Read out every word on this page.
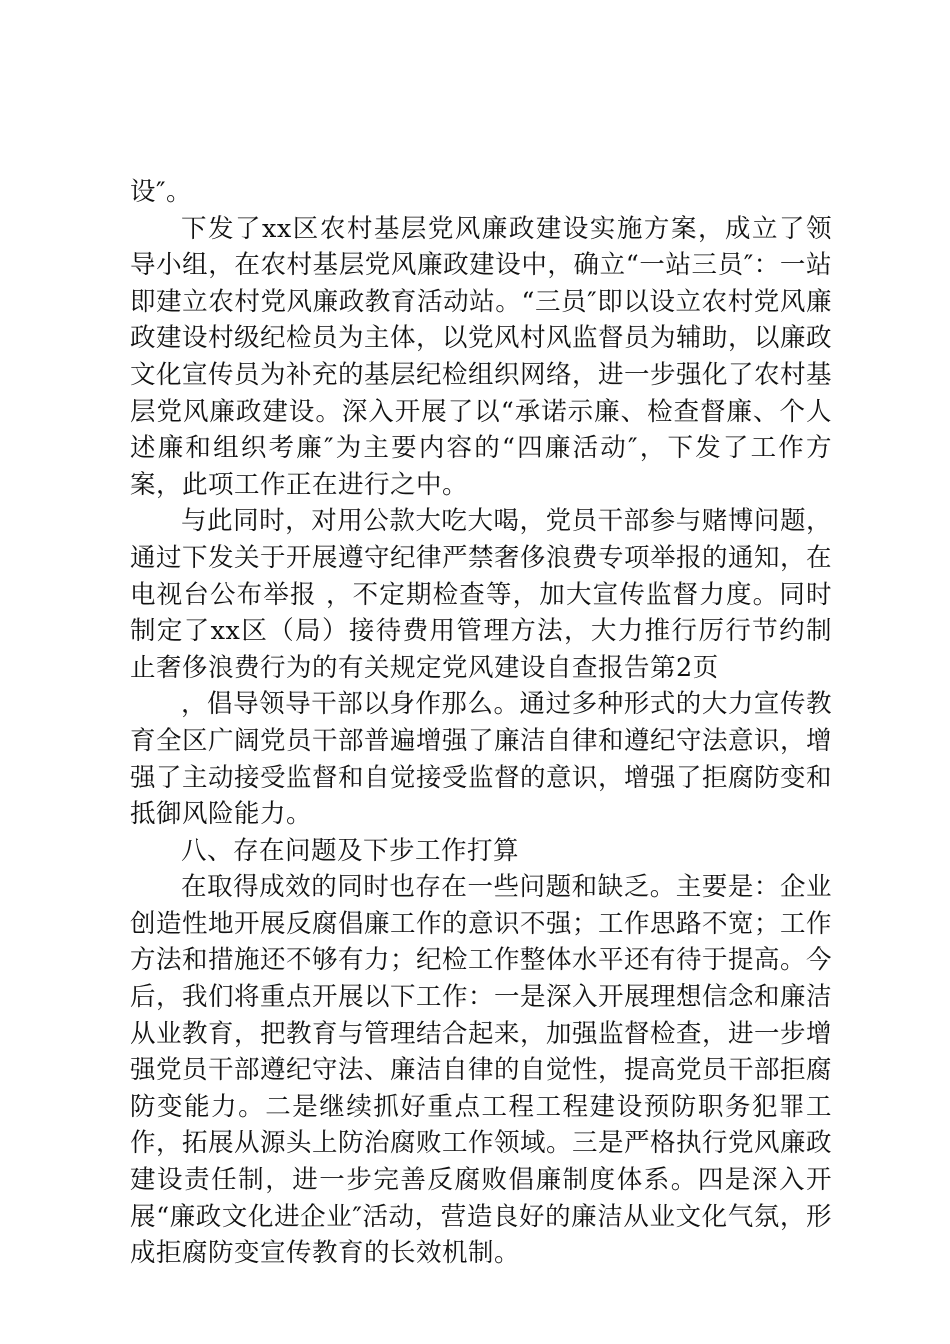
设″。

下发了xx区农村基层党风廉政建设实施方案，成立了领导小组，在农村基层党风廉政建设中，确立“一站三员″：一站即建立农村党风廉政教育活动站。“三员″即以设立农村党风廉政建设村级纪检员为主体，以党风村风监督员为辅助，以廉政文化宣传员为补充的基层纪检组织网络，进一步强化了农村基层党风廉政建设。深入开展了以“承诺示廉、检查督廉、个人述廉和组织考廉″为主要内容的“四廉活动″，下发了工作方案，此项工作正在进行之中。

与此同时，对用公款大吃大喝，党员干部参与赌博问题，通过下发关于开展遵守纪律严禁奢侈浪费专项举报的通知，在电视台公布举报 ，不定期检查等，加大宣传监督力度。同时制定了xx区（局）接待费用管理方法，大力推行厉行节约制止奢侈浪费行为的有关规定党风建设自查报告第2页

，倡导领导干部以身作那么。通过多种形式的大力宣传教育全区广阔党员干部普遍增强了廉洁自律和遵纪守法意识，增强了主动接受监督和自觉接受监督的意识，增强了拒腐防变和抵御风险能力。

八、存在问题及下步工作打算

在取得成效的同时也存在一些问题和缺乏。主要是：企业创造性地开展反腐倡廉工作的意识不强；工作思路不宽；工作方法和措施还不够有力；纪检工作整体水平还有待于提高。今后，我们将重点开展以下工作：一是深入开展理想信念和廉洁从业教育，把教育与管理结合起来，加强监督检查，进一步增强党员干部遵纪守法、廉洁自律的自觉性，提高党员干部拒腐防变能力。二是继续抓好重点工程工程建设预防职务犯罪工作，拓展从源头上防治腐败工作领域。三是严格执行党风廉政建设责任制，进一步完善反腐败倡廉制度体系。四是深入开展“廉政文化进企业″活动，营造良好的廉洁从业文化气氛，形成拒腐防变宣传教育的长效机制。
